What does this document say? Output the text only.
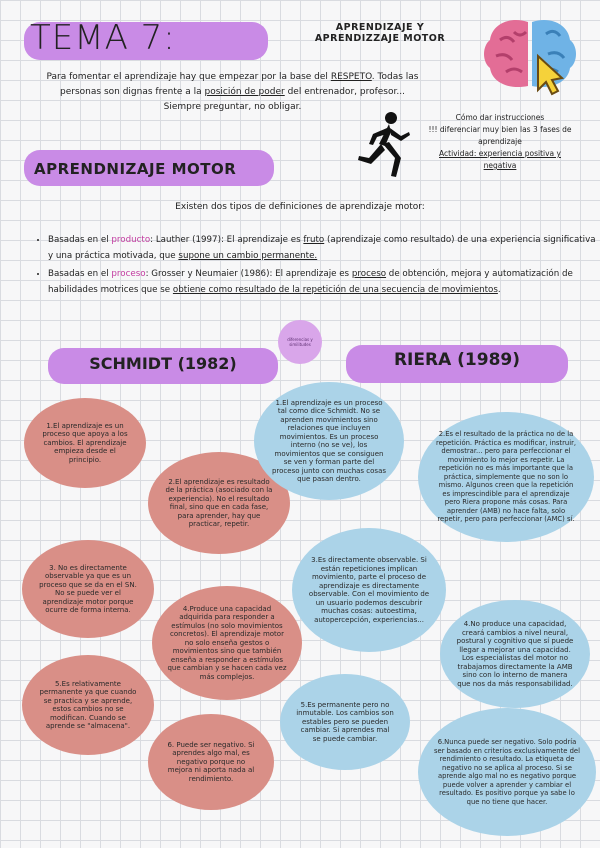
TEMA 7:	APRENDIZAJE Y APRENDIZZAJE MOTOR
Para fomentar el aprendizaje hay que empezar por la base del RESPETO. Todas las personas son dignas frente a la posición de poder del entrenador, profesor... Siempre preguntar, no obligar.
Cómo dar instrucciones
!!! diferenciar muy bien las 3 fases de aprendizaje
Actividad: experiencia positiva y negativa
APRENDNIZAJE MOTOR
Existen dos tipos de definiciones de aprendizaje motor:
• Basadas en el producto: Lauther (1997): El aprendizaje es fruto (aprendizaje como resultado) de una experiencia significativa y una práctica motivada, que supone un cambio permanente.
• Basadas en el proceso: Grosser y Neumaier (1986): El aprendizaje es proceso de obtención, mejora y automatización de habilidades motrices que se obtiene como resultado de la repetición de una secuencia de movimientos.
diferencias y similitudes
SCHMIDT (1982)	RIERA (1989)
1.El aprendizaje es un proceso que apoya a los cambios. El aprendizaje empieza desde el principio.
2.El aprendizaje es resultado de la práctica (asociado con la experiencia). No el resultado final, sino que en cada fase, para aprender, hay que practicar, repetir.
3. No es directamente observable ya que es un proceso que se da en el SN. No se puede ver el aprendizaje motor porque ocurre de forma interna.	4.Produce una capacidad adquirida para responder a estímulos (no solo movimientos concretos). El aprendizaje motor no solo enseña gestos o movimientos sino que también enseña a responder a estímulos que cambian y se hacen cada vez más complejos.
5.Es relativamente permanente ya que cuando se practica y se aprende, estos cambios no se modifican. Cuando se aprende se "almacena".
6. Puede ser negativo. Si aprendes algo mal, es negativo porque no mejora ni aporta nada al rendimiento.
1.El aprendizaje es un proceso tal como dice Schmidt. No se aprenden movimientos sino relaciones que incluyen movimientos. Es un proceso interno (no se ve), los movimientos que se consiguen se ven y forman parte del proceso junto con muchas cosas que pasan dentro.
2.Es el resultado de la práctica no de la repetición. Práctica es modificar, instruir, demostrar... pero para perfeccionar el movimiento lo mejor es repetir. La repetición no es más importante que la práctica, simplemente que no son lo mismo. Algunos creen que la repetición es imprescindible para el aprendizaje pero Riera propone más cosas. Para aprender (AMB) no hace falta, solo repetir, pero para perfeccionar (AMC) sí.
3.Es directamente observable. Si están repeticiones implican movimiento, parte el proceso de aprendizaje es directamente observable. Con el movimiento de un usuario podemos descubrir muchas cosas: autoestima, autopercepción, experiencias...
4.No produce una capacidad, creará cambios a nivel neural, postural y cognitivo que sí puede llegar a mejorar una capacidad. Los especialistas del motor no trabajamos directamente la AMB sino con lo interno de manera que nos da más responsabilidad.
5.Es permanente pero no inmutable. Los cambios son estables pero se pueden cambiar. Si aprendes mal se puede cambiar.	6.Nunca puede ser negativo. Solo podría ser basado en criterios exclusivamente del rendimiento o resultado. La etiqueta de negativo no se aplica al proceso. Si se aprende algo mal no es negativo porque puede volver a aprender y cambiar el resultado. Es positivo porque ya sabe lo que no tiene que hacer.
